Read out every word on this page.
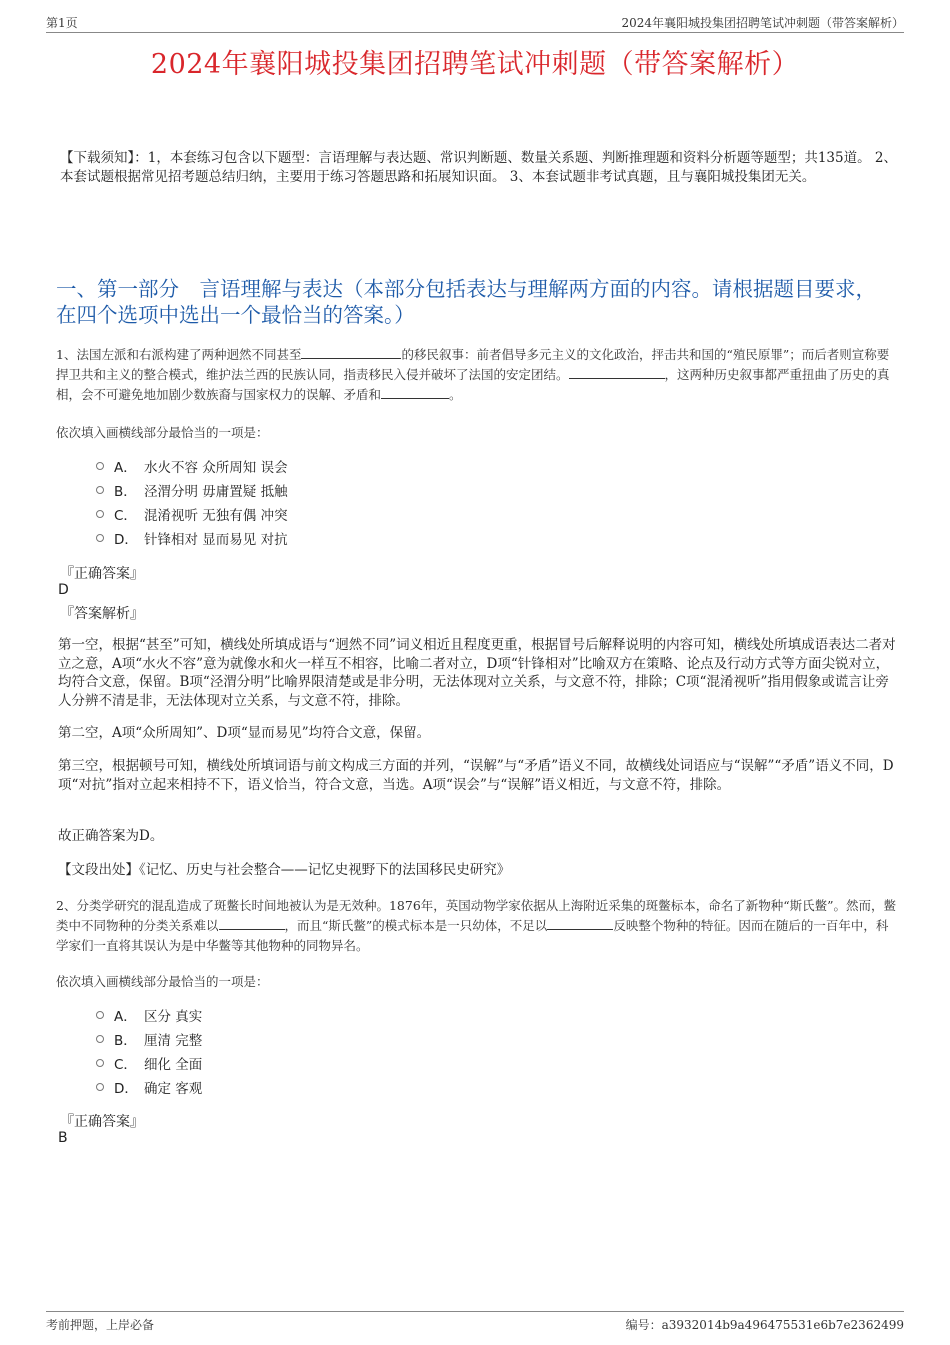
第1页	2024年襄阳城投集团招聘笔试冲刺题（带答案解析）
2024年襄阳城投集团招聘笔试冲刺题（带答案解析）
【下载须知】：1，本套练习包含以下题型：言语理解与表达题、常识判断题、数量关系题、判断推理题和资料分析题等题型；共135道。 2、本套试题根据常见招考题总结归纳，主要用于练习答题思路和拓展知识面。 3、本套试题非考试真题，且与襄阳城投集团无关。
一、第一部分　言语理解与表达（本部分包括表达与理解两方面的内容。请根据题目要求，在四个选项中选出一个最恰当的答案。）
1、法国左派和右派构建了两种迥然不同甚至	的移民叙事：前者倡导多元主义的文化政治，抨击共和国的“殖民原罪”；而后者则宣称要捍卫共和主义的整合模式，维护法兰西的民族认同，指责移民入侵并破坏了法国的安定团结。	，这两种历史叙事都严重扭曲了历史的真相，会不可避免地加剧少数族裔与国家权力的误解、矛盾和	。
依次填入画横线部分最恰当的一项是：
A． 水火不容 众所周知 误会
B． 泾渭分明 毋庸置疑 抵触
C． 混淆视听 无独有偶 冲突
D． 针锋相对 显而易见 对抗
『正确答案』
D
『答案解析』
第一空，根据“甚至”可知，横线处所填成语与“迥然不同”词义相近且程度更重，根据冒号后解释说明的内容可知，横线处所填成语表达二者对立之意，A项“水火不容”意为就像水和火一样互不相容，比喻二者对立，D项“针锋相对”比喻双方在策略、论点及行动方式等方面尖锐对立，均符合文意，保留。B项“泾渭分明”比喻界限清楚或是非分明，无法体现对立关系，与文意不符，排除；C项“混淆视听”指用假象或谎言让旁人分辨不清是非，无法体现对立关系，与文意不符，排除。
第二空，A项“众所周知”、D项“显而易见”均符合文意，保留。
第三空，根据顿号可知，横线处所填词语与前文构成三方面的并列，“误解”与“矛盾”语义不同，故横线处词语应与“误解”“矛盾”语义不同，D项“对抗”指对立起来相持不下，语义恰当，符合文意，当选。A项“误会”与“误解”语义相近，与文意不符，排除。
故正确答案为D。
【文段出处】《记忆、历史与社会整合——记忆史视野下的法国移民史研究》
2、分类学研究的混乱造成了斑鳖长时间地被认为是无效种。1876年，英国动物学家依据从上海附近采集的斑鳖标本，命名了新物种“斯氏鳖”。然而，鳖类中不同物种的分类关系难以	，而且“斯氏鳖”的模式标本是一只幼体，不足以	反映整个物种的特征。因而在随后的一百年中，科学家们一直将其误认为是中华鳖等其他物种的同物异名。
依次填入画横线部分最恰当的一项是：
A． 区分 真实
B． 厘清 完整
C． 细化 全面
D． 确定 客观
『正确答案』
B
考前押题，上岸必备	编号：a3932014b9a496475531e6b7e2362499
